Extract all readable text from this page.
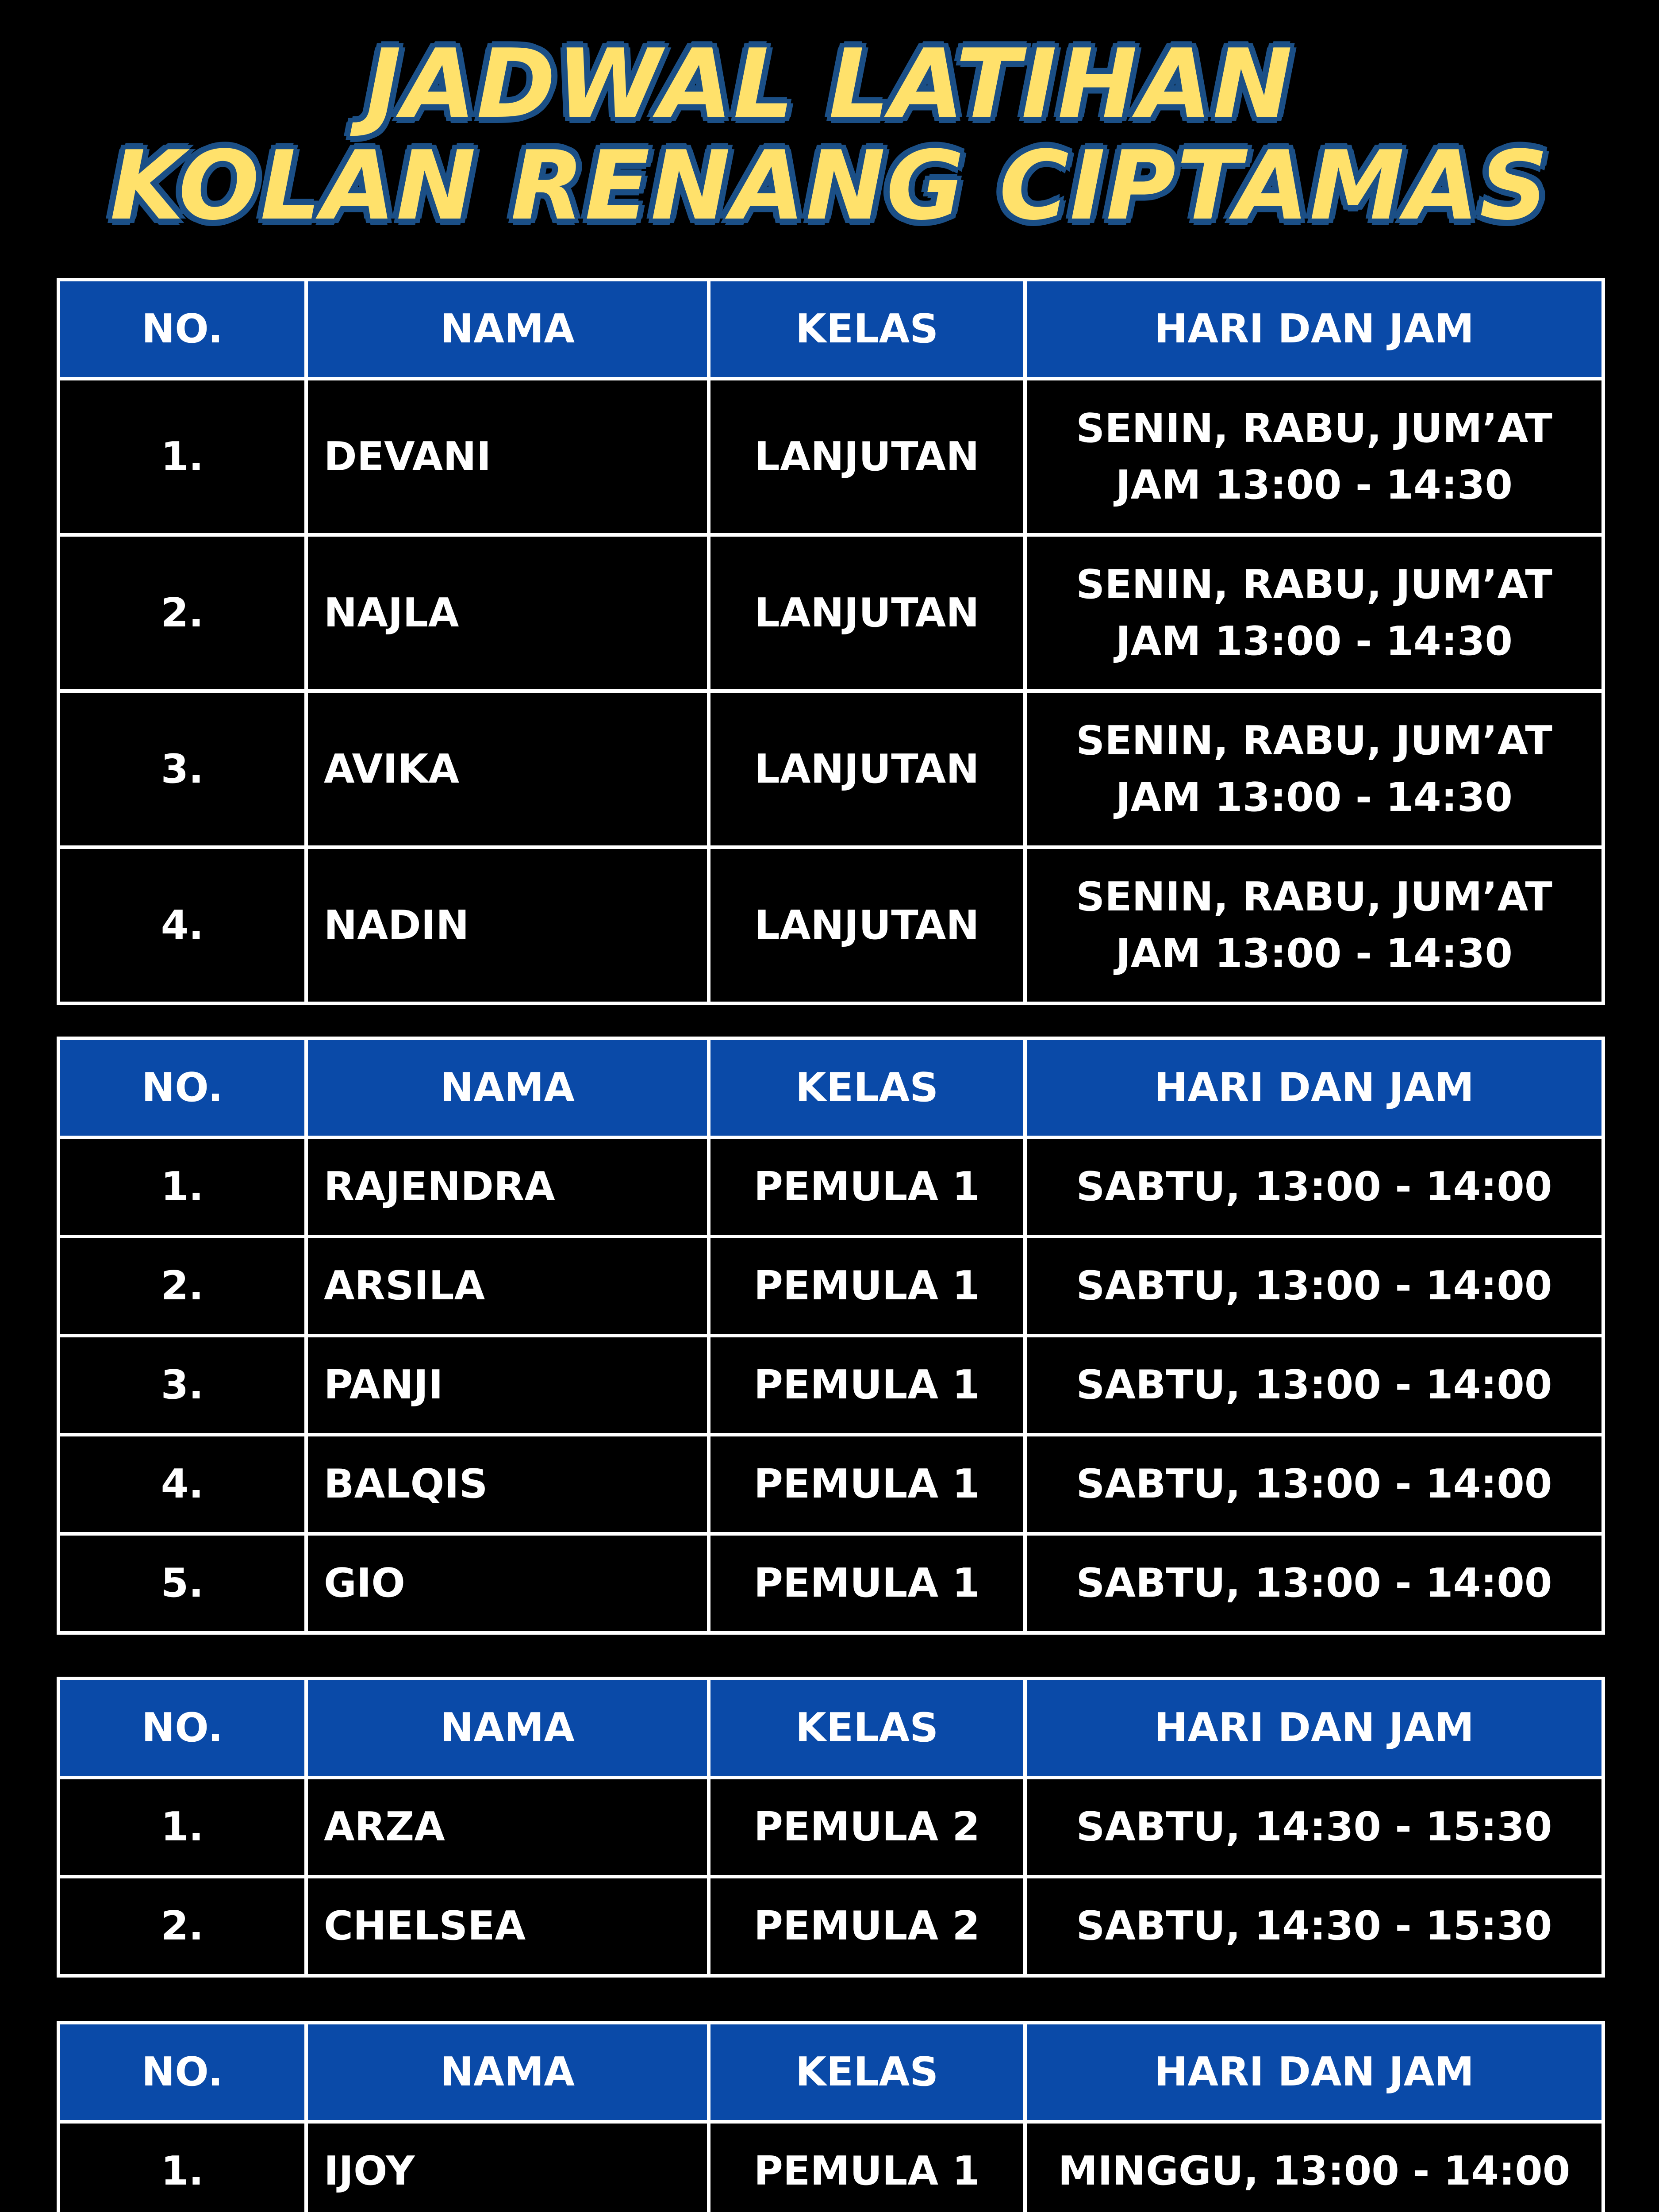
JADWAL LATIHAN
KOLAN RENANG CIPTAMAS
NO.	NAMA	KELAS	HARI DAN JAM
1.	DEVANI	LANJUTAN	SENIN, RABU, JUM’AT
JAM 13:00 - 14:30

2.	NAJLA	LANJUTAN	SENIN, RABU, JUM’AT
JAM 13:00 - 14:30

3.	AVIKA	LANJUTAN	SENIN, RABU, JUM’AT
JAM 13:00 - 14:30

4.	NADIN	LANJUTAN	SENIN, RABU, JUM’AT
JAM 13:00 - 14:30
NO.	NAMA	KELAS	HARI DAN JAM
1.	RAJENDRA	PEMULA 1	SABTU, 13:00 - 14:00
2.	ARSILA	PEMULA 1	SABTU, 13:00 - 14:00
3.	PANJI	PEMULA 1	SABTU, 13:00 - 14:00
4.	BALQIS	PEMULA 1	SABTU, 13:00 - 14:00
5.	GIO	PEMULA 1	SABTU, 13:00 - 14:00
NO.	NAMA	KELAS	HARI DAN JAM
1.	ARZA	PEMULA 2	SABTU, 14:30 - 15:30
2.	CHELSEA	PEMULA 2	SABTU, 14:30 - 15:30
NO.	NAMA	KELAS	HARI DAN JAM
1.	IJOY	PEMULA 1	MINGGU, 13:00 - 14:00
